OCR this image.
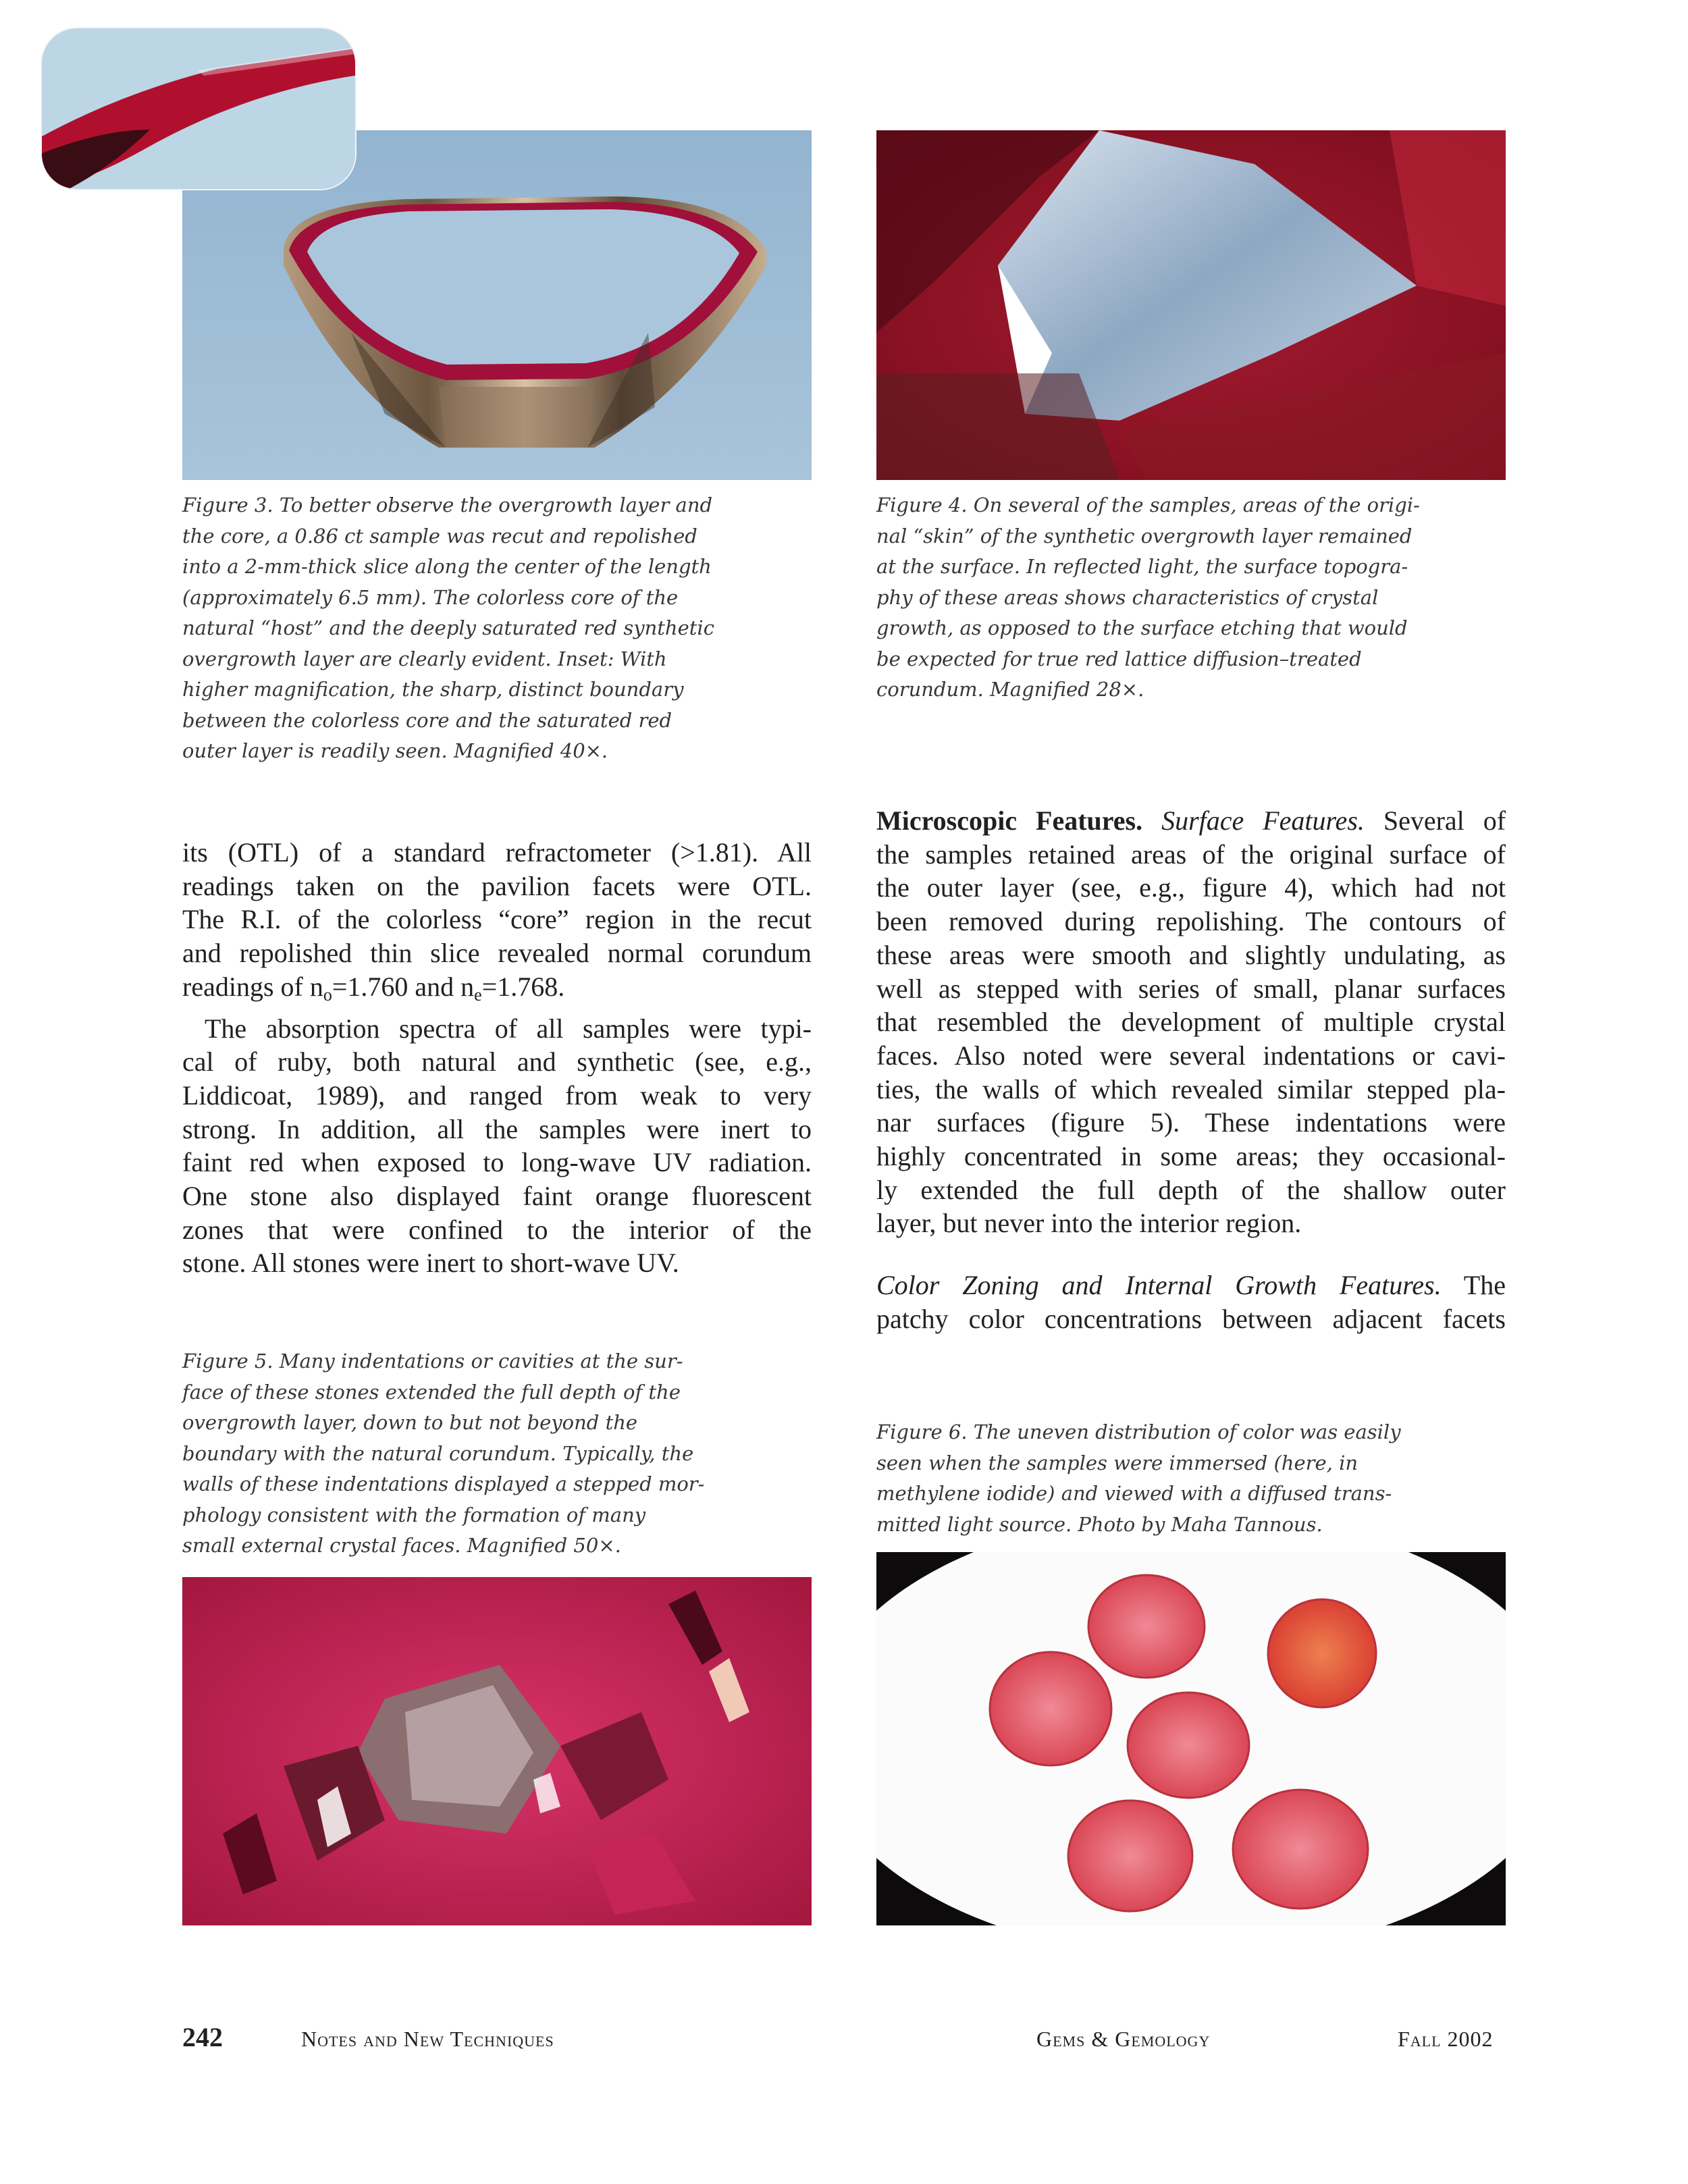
Figure 3. To better observe the overgrowth layer and
the core, a 0.86 ct sample was recut and repolished
into a 2-mm-thick slice along the center of the length
(approximately 6.5 mm). The colorless core of the
natural “host” and the deeply saturated red synthetic
overgrowth layer are clearly evident. Inset: With
higher magnification, the sharp, distinct boundary
between the colorless core and the saturated red
outer layer is readily seen. Magnified 40×.
Figure 4. On several of the samples, areas of the origi-
nal “skin” of the synthetic overgrowth layer remained
at the surface. In reflected light, the surface topogra-
phy of these areas shows characteristics of crystal
growth, as opposed to the surface etching that would
be expected for true red lattice diffusion–treated
corundum. Magnified 28×.
its (OTL) of a standard refractometer (>1.81). All
readings taken on the pavilion facets were OTL.
The R.I. of the colorless “core” region in the recut
and repolished thin slice revealed normal corundum
readings of $n_o=1.760$ and $n_e=1.768$.
The absorption spectra of all samples were typi-
cal of ruby, both natural and synthetic (see, e.g.,
Liddicoat, 1989), and ranged from weak to very
strong. In addition, all the samples were inert to
faint red when exposed to long-wave UV radiation.
One stone also displayed faint orange fluorescent
zones that were confined to the interior of the
stone. All stones were inert to short-wave UV.
Microscopic Features. Surface Features. Several of
the samples retained areas of the original surface of
the outer layer (see, e.g., figure 4), which had not
been removed during repolishing. The contours of
these areas were smooth and slightly undulating, as
well as stepped with series of small, planar surfaces
that resembled the development of multiple crystal
faces. Also noted were several indentations or cavi-
ties, the walls of which revealed similar stepped pla-
nar surfaces (figure 5). These indentations were
highly concentrated in some areas; they occasional-
ly extended the full depth of the shallow outer
layer, but never into the interior region.
Color Zoning and Internal Growth Features. The
patchy color concentrations between adjacent facets
Figure 5. Many indentations or cavities at the sur-
face of these stones extended the full depth of the
overgrowth layer, down to but not beyond the
boundary with the natural corundum. Typically, the
walls of these indentations displayed a stepped mor-
phology consistent with the formation of many
small external crystal faces. Magnified 50×.
Figure 6. The uneven distribution of color was easily
seen when the samples were immersed (here, in
methylene iodide) and viewed with a diffused trans-
mitted light source. Photo by Maha Tannous.
242	Notes and New Techniques	Gems & Gemology	Fall 2002
